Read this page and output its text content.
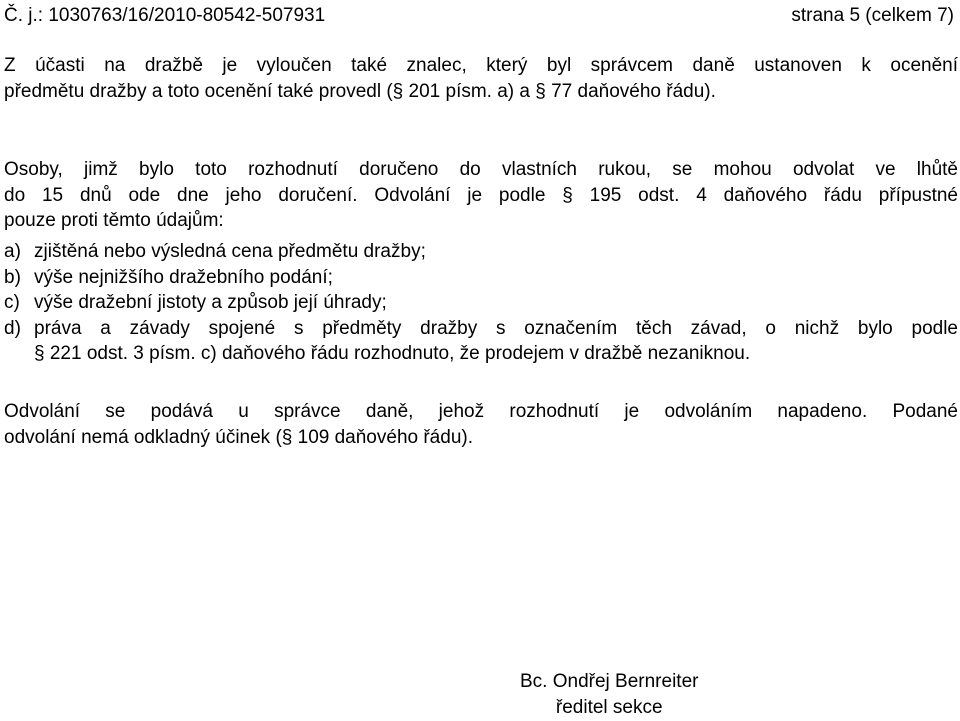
Č. j.: 1030763/16/2010-80542-507931	strana 5 (celkem 7)
Z účasti na dražbě je vyloučen také znalec, který byl správcem daně ustanoven k ocenění
předmětu dražby a toto ocenění také provedl (§ 201 písm. a) a § 77 daňového řádu).
Osoby, jimž bylo toto rozhodnutí doručeno do vlastních rukou, se mohou odvolat ve lhůtě
do 15 dnů ode dne jeho doručení. Odvolání je podle § 195 odst. 4 daňového řádu přípustné
pouze proti těmto údajům:
a) zjištěná nebo výsledná cena předmětu dražby;
b) výše nejnižšího dražebního podání;
c) výše dražební jistoty a způsob její úhrady;
d) práva a závady spojené s předměty dražby s označením těch závad, o nichž bylo podle
§ 221 odst. 3 písm. c) daňového řádu rozhodnuto, že prodejem v dražbě nezaniknou.
Odvolání se podává u správce daně, jehož rozhodnutí je odvoláním napadeno. Podané
odvolání nemá odkladný účinek (§ 109 daňového řádu).
Bc. Ondřej Bernreiter
ředitel sekce
